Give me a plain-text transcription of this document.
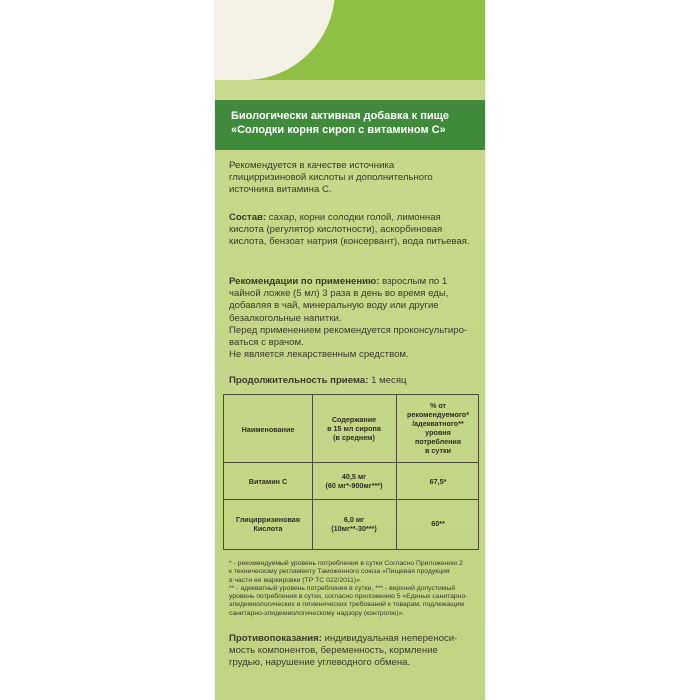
Биологически активная добавка к пище
«Солодки корня сироп с витамином С»
Рекомендуется в качестве источника
глицирризиновой кислоты и дополнительного
источника витамина С.
Состав: сахар, корни солодки голой, лимонная
кислота (регулятор кислотности), аскорбиновая
кислота, бензоат натрия (консервант), вода питьевая.
Рекомендации по применению: взрослым по 1
чайной ложке (5 мл) 3 раза в день во время еды,
добавляя в чай, минеральную воду или другие
безалкогольные напитки.
Перед применением рекомендуется проконсультиро-
ваться с врачом.
Не является лекарственным средством.
Продолжительность приема: 1 месяц
Наименование
Содержание
в 15 мл сиропа
(в среднем)
% от
рекомендуемого*
/адекватного**
уровня
потребления
в сутки
Витамин С
40,5 мг
(60 мг*-900мг***)	67,5*
Глицирризиновая
Кислота
6,0 мг
(10мг**-30***)
60**
* - рекомендуемый уровень потребления в сутки Согласно Приложению 2
к техническому регламенту Таможенного союза «Пищевая продукция
в части ее маркировки (ТР ТС 022/2011)».
** - адекватный уровень потребления в сутки, *** - верхний допустимый
уровень потребления в сутки, согласно приложению 5 «Единых санитарно-
эпидемиологических и гигиенических требований к товарам, подлежащим
санитарно-эпидемиологическому надзору (контролю)».
Противопоказания: индивидуальная непереноси-
мость компонентов, беременность, кормление
грудью, нарушение углеводного обмена.
